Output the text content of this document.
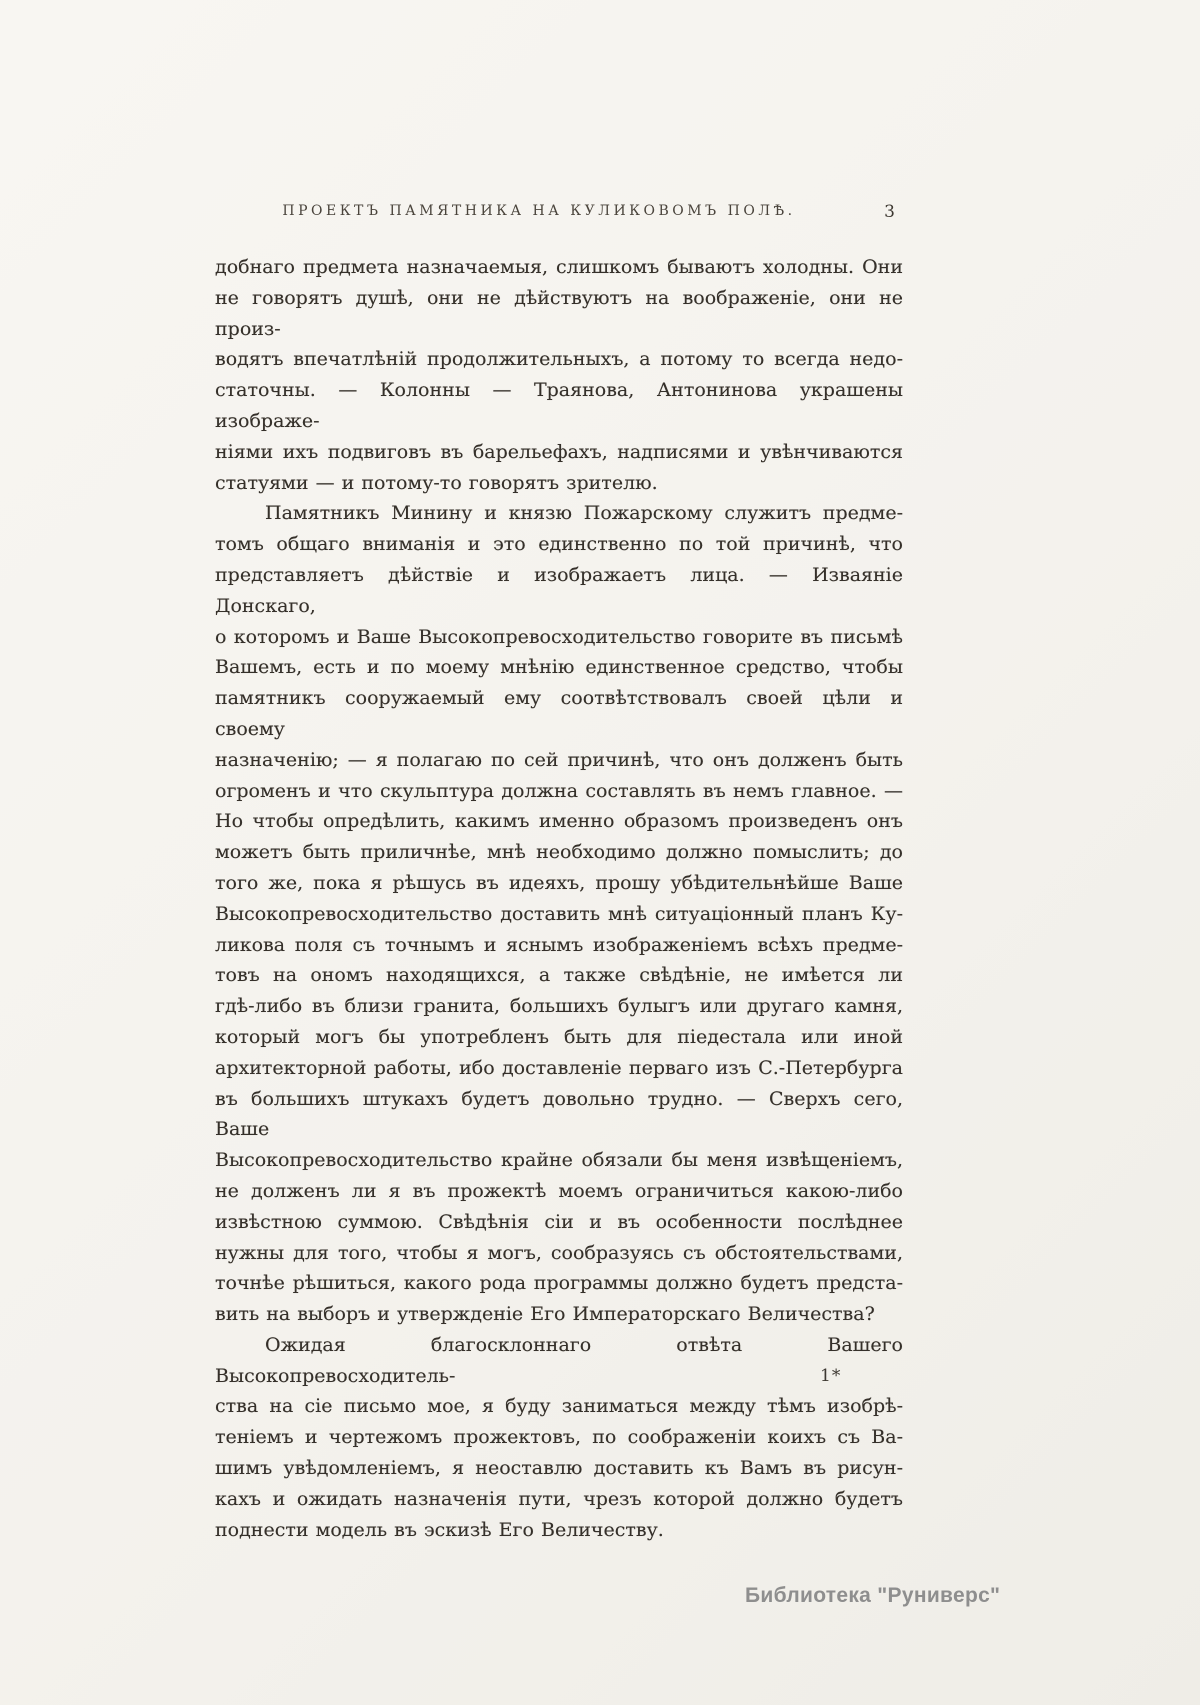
ПРОЕКТЪ ПАМЯТНИКА НА КУЛИКОВОМЪ ПОЛѢ.	3
добнаго предмета назначаемыя, слишкомъ бываютъ холодны. Они
не говорятъ душѣ, они не дѣйствуютъ на воображеніе, они не произ-
водятъ впечатлѣній продолжительныхъ, а потому то всегда недо-
статочны. — Колонны — Траянова, Антонинова украшены изображе-
ніями ихъ подвиговъ въ барельефахъ, надписями и увѣнчиваются
статуями — и потому-то говорятъ зрителю.
Памятникъ Минину и князю Пожарскому служитъ предме-
томъ общаго вниманія и это единственно по той причинѣ, что
представляетъ дѣйствіе и изображаетъ лица. — Изваяніе Донскаго,
о которомъ и Ваше Высокопревосходительство говорите въ письмѣ
Вашемъ, есть и по моему мнѣнію единственное средство, чтобы
памятникъ сооружаемый ему соотвѣтствовалъ своей цѣли и своему
назначенію; — я полагаю по сей причинѣ, что онъ долженъ быть
огроменъ и что скульптура должна составлять въ немъ главное. —
Но чтобы опредѣлить, какимъ именно образомъ произведенъ онъ
можетъ быть приличнѣе, мнѣ необходимо должно помыслить; до
того же, пока я рѣшусь въ идеяхъ, прошу убѣдительнѣйше Ваше
Высокопревосходительство доставить мнѣ ситуаціонный планъ Ку-
ликова поля съ точнымъ и яснымъ изображеніемъ всѣхъ предме-
товъ на ономъ находящихся, а также свѣдѣніе, не имѣется ли
гдѣ-либо въ близи гранита, большихъ булыгъ или другаго камня,
который могъ бы употребленъ быть для піедестала или иной
архитекторной работы, ибо доставленіе перваго изъ С.-Петербурга
въ большихъ штукахъ будетъ довольно трудно. — Сверхъ сего, Ваше
Высокопревосходительство крайне обязали бы меня извѣщеніемъ,
не долженъ ли я въ прожектѣ моемъ ограничиться какою-либо
извѣстною суммою. Свѣдѣнія сіи и въ особенности послѣднее
нужны для того, чтобы я могъ, сообразуясь съ обстоятельствами,
точнѣе рѣшиться, какого рода программы должно будетъ предста-
вить на выборъ и утвержденіе Его Императорскаго Величества?
Ожидая благосклоннаго отвѣта Вашего Высокопревосходитель-
ства на сіе письмо мое, я буду заниматься между тѣмъ изобрѣ-
теніемъ и чертежомъ прожектовъ, по соображеніи коихъ съ Ва-
шимъ увѣдомленіемъ, я неоставлю доставить къ Вамъ въ рисун-
кахъ и ожидать назначенія пути, чрезъ которой должно будетъ
поднести модель въ эскизѣ Его Величеству.
1*
Библиотека "Руниверс"
